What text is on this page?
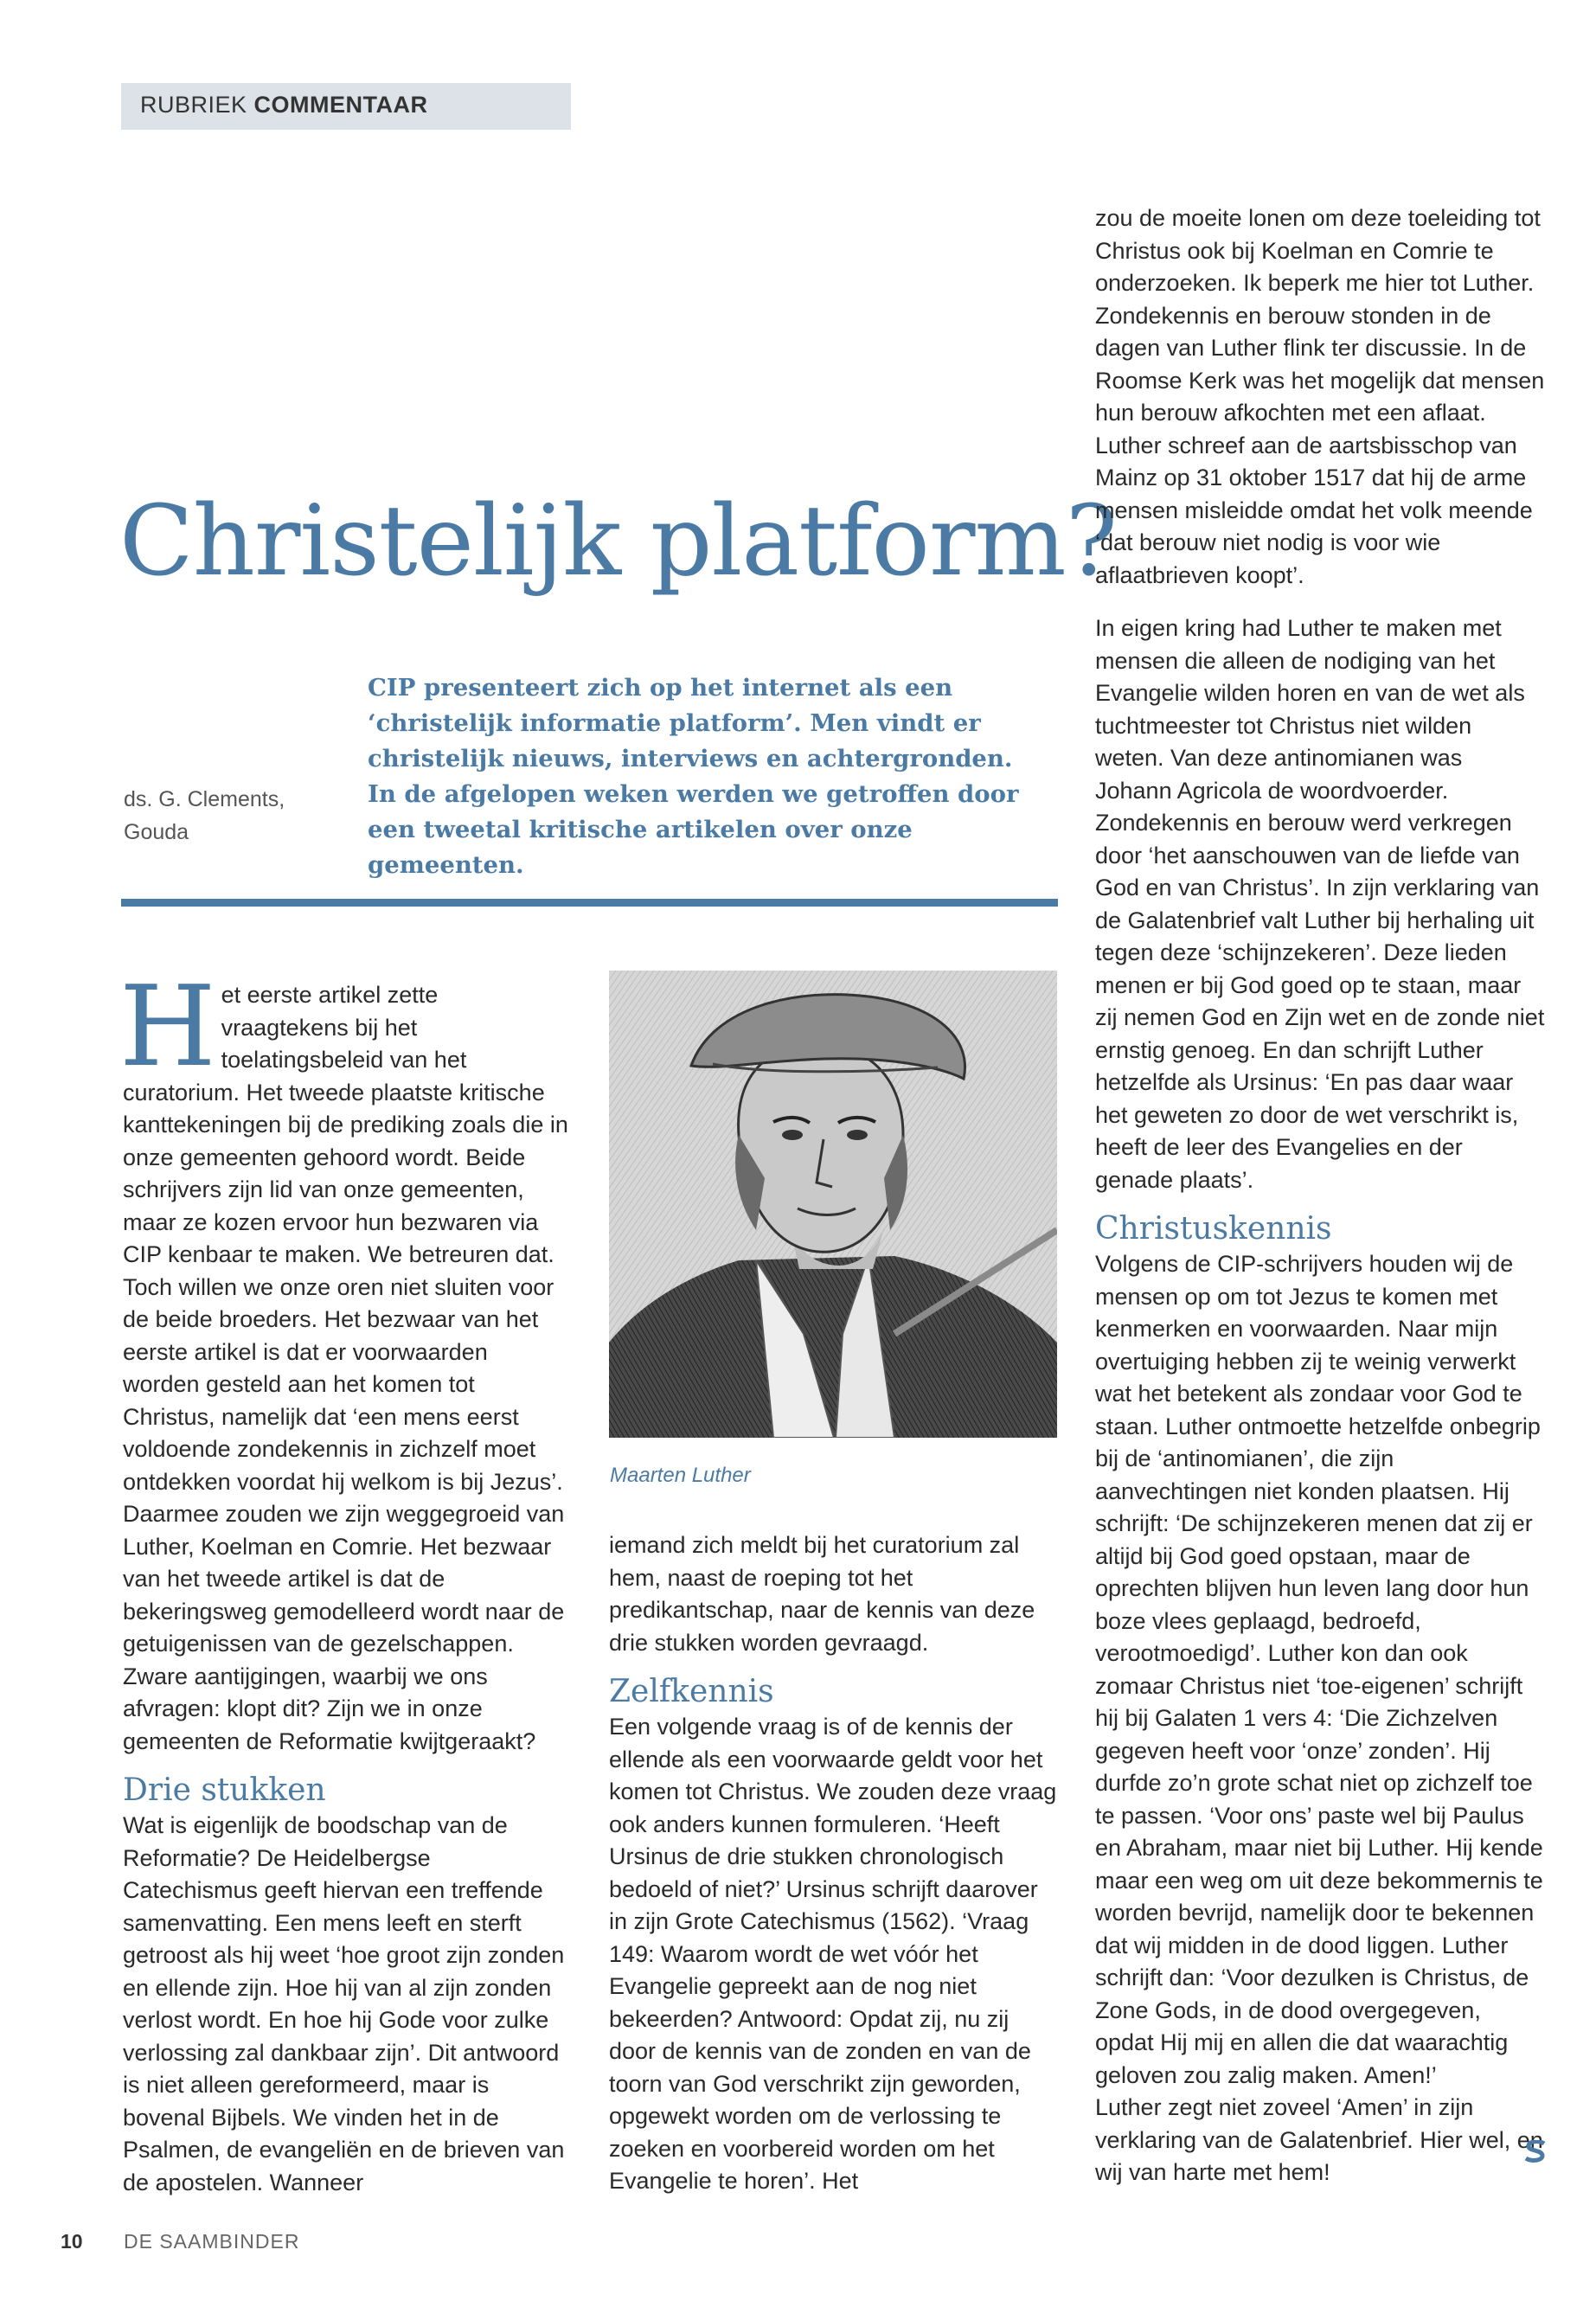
RUBRIEK COMMENTAAR
Christelijk platform?
ds. G. Clements,
Gouda
CIP presenteert zich op het internet als een ‘christelijk informatie platform’. Men vindt er christelijk nieuws, interviews en achtergronden. In de afgelopen weken werden we getroffen door een tweetal kritische artikelen over onze gemeenten.

Het eerste artikel zette vraagtekens bij het toelatingsbeleid van het curatorium. Het tweede plaatste kritische kanttekeningen bij de prediking zoals die in onze gemeenten gehoord wordt. Beide schrijvers zijn lid van onze gemeenten, maar ze kozen ervoor hun bezwaren via CIP kenbaar te maken. We betreuren dat.

Toch willen we onze oren niet sluiten voor de beide broeders. Het bezwaar van het eerste artikel is dat er voorwaarden worden gesteld aan het komen tot Christus, namelijk dat ‘een mens eerst voldoende zondekennis in zichzelf moet ontdekken voordat hij welkom is bij Jezus’. Daarmee zouden we zijn weggegroeid van Luther, Koelman en Comrie. Het bezwaar van het tweede artikel is dat de bekeringsweg gemodelleerd wordt naar de getuigenissen van de gezelschappen. Zware aantijgingen, waarbij we ons afvragen: klopt dit? Zijn we in onze gemeenten de Reformatie kwijtgeraakt?

Drie stukken

Wat is eigenlijk de boodschap van de Reformatie? De Heidelbergse Catechismus geeft hiervan een treffende samenvatting. Een mens leeft en sterft getroost als hij weet ‘hoe groot zijn zonden en ellende zijn. Hoe hij van al zijn zonden verlost wordt. En hoe hij Gode voor zulke verlossing zal dankbaar zijn’. Dit antwoord is niet alleen gereformeerd, maar is bovenal Bijbels. We vinden het in de Psalmen, de evangeliën en de brieven van de apostelen. Wanneer

Maarten Luther

iemand zich meldt bij het curatorium zal hem, naast de roeping tot het predikantschap, naar de kennis van deze drie stukken worden gevraagd.

Zelfkennis

Een volgende vraag is of de kennis der ellende als een voorwaarde geldt voor het komen tot Christus. We zouden deze vraag ook anders kunnen formuleren. ‘Heeft Ursinus de drie stukken chronologisch bedoeld of niet?’ Ursinus schrijft daarover in zijn Grote Catechismus (1562). ‘Vraag 149: Waarom wordt de wet vóór het Evangelie gepreekt aan de nog niet bekeerden? Antwoord: Opdat zij, nu zij door de kennis van de zonden en van de toorn van God verschrikt zijn geworden, opgewekt worden om de verlossing te zoeken en voorbereid worden om het Evangelie te horen’. Het

zou de moeite lonen om deze toeleiding tot Christus ook bij Koelman en Comrie te onderzoeken. Ik beperk me hier tot Luther. Zondekennis en berouw stonden in de dagen van Luther flink ter discussie. In de Roomse Kerk was het mogelijk dat mensen hun berouw afkochten met een aflaat. Luther schreef aan de aartsbisschop van Mainz op 31 oktober 1517 dat hij de arme mensen misleidde omdat het volk meende ‘dat berouw niet nodig is voor wie aflaatbrieven koopt’.

In eigen kring had Luther te maken met mensen die alleen de nodiging van het Evangelie wilden horen en van de wet als tuchtmeester tot Christus niet wilden weten. Van deze antinomianen was Johann Agricola de woordvoerder. Zondekennis en berouw werd verkregen door ‘het aanschouwen van de liefde van God en van Christus’. In zijn verklaring van de Galatenbrief valt Luther bij herhaling uit tegen deze ‘schijnzekeren’. Deze lieden menen er bij God goed op te staan, maar zij nemen God en Zijn wet en de zonde niet ernstig genoeg. En dan schrijft Luther hetzelfde als Ursinus: ‘En pas daar waar het geweten zo door de wet verschrikt is, heeft de leer des Evangelies en der genade plaats’.

Christuskennis

Volgens de CIP-schrijvers houden wij de mensen op om tot Jezus te komen met kenmerken en voorwaarden. Naar mijn overtuiging hebben zij te weinig verwerkt wat het betekent als zondaar voor God te staan. Luther ontmoette hetzelfde onbegrip bij de ‘antinomianen’, die zijn aanvechtingen niet konden plaatsen. Hij schrijft: ‘De schijnzekeren menen dat zij er altijd bij God goed opstaan, maar de oprechten blijven hun leven lang door hun boze vlees geplaagd, bedroefd, verootmoedigd’. Luther kon dan ook zomaar Christus niet ‘toe-eigenen’ schrijft hij bij Galaten 1 vers 4: ‘Die Zichzelven gegeven heeft voor ‘onze’ zonden’. Hij durfde zo’n grote schat niet op zichzelf toe te passen. ‘Voor ons’ paste wel bij Paulus en Abraham, maar niet bij Luther. Hij kende maar een weg om uit deze bekommernis te worden bevrijd, namelijk door te bekennen dat wij midden in de dood liggen. Luther schrijft dan: ‘Voor dezulken is Christus, de Zone Gods, in de dood overgegeven, opdat Hij mij en allen die dat waarachtig geloven zou zalig maken. Amen!’

Luther zegt niet zoveel ‘Amen’ in zijn verklaring van de Galatenbrief. Hier wel, en wij van harte met hem!

10 DE SAAMBINDER
